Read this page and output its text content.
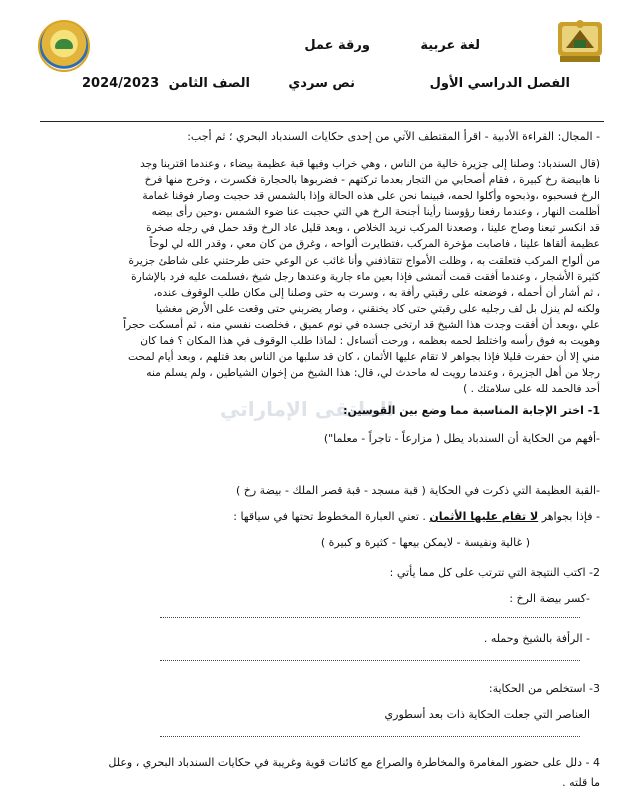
لغة عربية
ورقة عمل
الفصل الدراسي الأول
نص سردي
الصف الثامن
2024/2023
- المجال: القراءة الأدبية - اقرأ المقتطف الآتي من إحدى حكايات السندباد البحري ؛ ثم أجب:
(قال السندباد: وصلنا إلى جزيرة خالية من الناس ، وهي خراب وفيها قبة عظيمة بيضاء ، وعندما اقتربنا وجد
نا هابيضة رخ كبيرة ، فقام أصحابي من التجار بعدما تركتهم - فضربوها بالحجارة فكسرت ، وخرج منها فرخ
الرخ فسحبوه ،وذبحوه وأكلوا لحمه، فبينما نحن على هذه الحالة وإذا بالشمس قد حجبت وصار فوقنا غمامة
أظلمت النهار ، وعندما رفعنا رؤوسنا رأينا أجنحة الرخ هي التي حجبت عنا ضوء الشمس ،وحين رأى بيضه
قد انكسر تبعنا وصاح علينا ، وصعدنا المركب نريد الخلاص ، وبعد قليل عاد الرخ وقد حمل في رجله صخرة
عظيمة ألقاها علينا ، فاصابت مؤخرة المركب ،فتطايرت ألواحه ، وغرق من كان معي ، وقدر الله لي لوحاً
من ألواح المركب فتعلقت به ، وظلت الأمواج تتقاذفني وأنا غائب عن الوعي حتى طرحتني على شاطئ جزيرة
كثيرة الأشجار ، وعندما أفقت قمت أتمشى فإذا بعين ماء جارية وعندها رجل شيخ ،فسلمت عليه فرد بالإشارة
، ثم أشار أن أحمله ، فوضعته على رقبتي رأفة به ، وسرت به حتى وصلنا إلى مكان طلب الوقوف عنده،
ولكنه لم ينزل بل لف رجليه على رقبتي حتى كاد يخنقني ، وصار يضربني حتى وقعت على الأرض مغشيا
علي ،وبعد أن أفقت وجدت هذا الشيخ قد ارتخى جسده في نوم عميق ، فخلصت نفسي منه ، ثم أمسكت حجراً
وهويت به فوق رأسه واختلط لحمه بعظمه ، ورحت أتساءل : لماذا طلب الوقوف في هذا المكان ؟ فما كان
مني إلا أن حفرت قليلا فإذا بجواهر لا تقام عليها الأثمان ، كان قد سلبها من الناس بعد قتلهم ، وبعد أيام لمحت
رجلا من أهل الجزيرة ، وعندما رويت له ماحدث لي، قال: هذا الشيخ من إخوان الشياطين ، ولم يسلم منه
أحد فالحمد لله على سلامتك . )
الملتقى الإماراتي
1- اختر الإجابة المناسبة مما وضع بين القوسين:
-أفهم من الحكاية أن السندباد يطل ( مزارعاً - تاجراً - معلما")
-القبة العظيمة التي ذكرت في الحكاية ( قبة مسجد - قبة قصر الملك - بيضة رخ )
- فإذا بجواهر لا تقام عليها الأثمان . تعني العبارة المخطوط تحتها في سياقها :
( غالية ونفيسة - لايمكن بيعها - كثيرة و كبيرة )
2- اكتب النتيجة التي تترتب على كل مما يأتي :
-كسر بيضة الرخ :
- الرأفة بالشيخ وحمله .
3- استخلص من الحكاية:
العناصر التي جعلت الحكاية ذات بعد أسطوري
4 - دلل على حضور المغامرة والمخاطرة والصراع مع كائنات قوية وغريبة في حكايات السندباد البحري ، وعلل
ما قلته .
